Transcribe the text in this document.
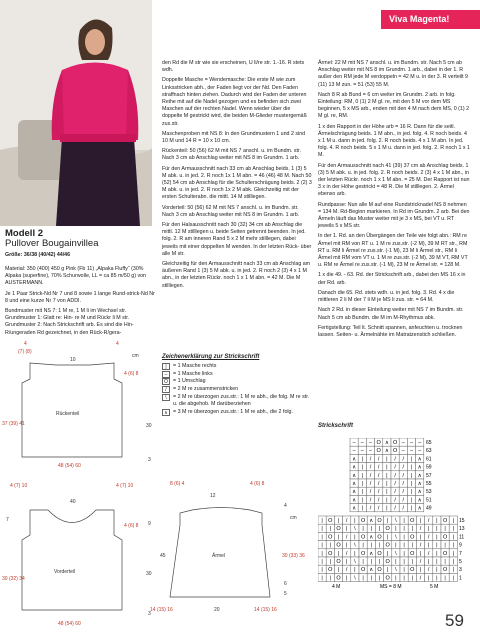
Modell 2
Pullover Bougainvillea
Größe: 36/38 (40/42) 44/46
Viva Magenta!

Material: 350 (400) 450 g Pink (Fb 11) „Alpaka Fluffy“ (30% Alpaka (superfine), 70% Schurwolle, LL = ca 85 m/50 g) von AUSTERMANN.

Je 1 Paar Strick-Nd Nr 7 und 8 sowie 1 lange Rund-strick-Nd Nr 8 und eine kurze Nr 7 von ADDI.

Bundmuster mit NS 7: 1 M re, 1 M li im Wechsel str.

Grundmuster 1: Glatt re: Hin- re M und Rückr li M str.

Grundmuster 2: Nach Strickschrift arb. Es sind die Hin-R/ungeraden Rd gezeichnet, in den Rück-R/gera-

den Rd die M str wie sie erscheinen, U li/re str. 1.-16. R stets wdh.

Doppelte Masche = Wendemasche: Die erste M wie zum Linksstricken abh., der Faden liegt vor der Nd. Den Faden straffnach hinten ziehen. Dadurch wird der Faden der unteren Reihe mit auf die Nadel gezogen und es befinden sich zwei Maschen auf der rechten Nadel. Wenn wieder über die doppelte M gestrickt wird, die beiden M-Glieder mustergemäß zus.str.

Maschenproben mit NS 8: In den Grundmustern 1 und 2 sind 10 M und 14 R = 10 x 10 cm.

Rückenteil: 50 (56) 62 M mit NS 7 anschl. u. im Bundm. str. Nach 3 cm ab Anschlag weiter mit NS 8 im Grundm. 1 arb.

Für den Armausschnitt nach 33 cm ab Anschlag beids. 1 (3) 5 M abk. u. in jed. 2. R noch 1x 1 M abn. = 46 (46) 48 M. Nach 50 (52) 54 cm ab Anschlag für die Schulterschrägung beids. 2 (2) 3 M abk. u. in jed. 2. R noch 1x 2 M abk. Gleichzeitig mit der ersten Schulterabn. die mittl. 14 M stilllegen.

Vorderteil: 50 (56) 62 M mit NS 7 anschl. u. im Bundm. str. Nach 3 cm ab Anschlag weiter mit NS 8 im Grundm. 1 arb.

Für den Halsausschnitt nach 30 (32) 34 cm ab Anschlag die mittl. 12 M stilllegen u. beide Seiten getrennt beenden. In jed. folg. 2. R am inneren Rand 5 x 2 M mehr stilllegen, dabei jeweils mit einer doppelten M wenden. In der letzten Rück- über alle M str.

Gleichzeitig für den Armausschnitt nach 33 cm ab Anschlag am äußeren Rand 1 (3) 5 M abk. u. in jed. 2. R noch 2 (3) 4 x 1 M abn., in der letzten Rückr. noch 1 x 1 M abn. = 42 M. Die M stilllegen.

Zeichenerklärung zur Strickschrift
|	= 1 Masche rechts
–	= 1 Masche links
O = 1 Umschlag
/	= 2 M re zusammenstricken
\	= 2 M re überzogen zus.str.: 1 M re abh., die folg. M re str. u. die abgehob. M darüberziehen
∧ = 3 M re überzogen zus.str.: 1 M re abh., die 2 folg.

Ärmel: 22 M mit NS 7 anschl. u. im Bundm. str. Nach 5 cm ab Anschlag weiter mit NS 8 im Grundm. 1 arb., dabei in der 1. R außer den RM jede M verdoppeln = 42 M u. in der 3. R verteilt 9 (11) 13 M zun. = 51 (53) 55 M.

Nach 8 R ab Bund = 6 cm weiter im Grundm. 2 arb. in folg. Einteilung: RM, 0 (1) 2 M gl. re, mit den 5 M vor dem MS beginnen, 5 x MS arb., enden mit den 4 M nach dem MS, 0 (1) 2 M gl. re, RM.

1 x den Rapport in der Höhe arb = 16 R. Dann für die seitl. Ärmelschrägung beids. 1 M abn., in jed. folg. 4. R noch beids. 4 x 1 M u. dann in jed. folg. 2. R noch beids. 4 x 1 M abn. In jed. folg. 4. R noch beids. 5 x 1 M u. dann in jed. folg. 2. R noch 1 x 1 M.

Für den Armausschnitt nach 41 (39) 37 cm ab Anschlag beids. 1 (3) 5 M abk. u. in jed. folg. 2. R noch beids. 2 (3) 4 x 1 M abn., in der letzten Rückr. noch 1 x 1 M abn. = 25 M. Der Rapport ist nun 3 x in der Höhe gestrickt = 48 R. Die M stilllegen. 2. Ärmel ebenso arb.

Rundpasse: Nun alle M auf eine Rundstricknadel NS 8 nehmen = 134 M. Rd-Beginn markieren. In Rd im Grundm. 2 arb. Bei den Ärmeln läuft das Muster weiter mit je 3 x MS, bei VT u. RT jeweils 5 x MS str.

In der 1. Rd. an den Übergängen der Teile wie folgt abn.: RM re Ärmel mit RM von RT u. 1 M re zus.str. (-2 M), 39 M RT str., RM RT u. RM li Ärmel re zus.str. (-1 M), 23 M li Ärmel str., RM li Ärmel mit RM vom VT u. 1 M re zus.str. (-2 M), 39 M VT, RM VT u. RM re Ärmel re zus.str. (-1 M), 23 M re Ärmel str. = 128 M.

1 x die 49. - 63. Rd. der Strickschrift arb., dabei den MS 16 x in der Rd. arb.

Danach die 65. Rd. stets wdh. u. in jed. folg. 3. Rd. 4 x die mittleren 2 li M der 7 li M je MS li zus. str. = 64 M.

Nach 2 Rd. in dieser Einteilung weiter mit NS 7 im Bundm. str. Nach 5 cm ab Bundm. die M im M-Rhythmus abk.

Fertigstellung: Teil lt. Schnitt spannen, anfeuchten u. trocknen lassen. Seiten- u. Ärmelnähte im Matratzenstich schließen.

Strickschrift
– – – O ∧ O – – – 65
– – – O ∧ O – – – 63
∧ | / / | / / | ∧ 61
∧ | / / | / / | ∧ 59
∧ | / / | / / | ∧ 57
∧ | / / | / / | ∧ 55
∧ | / / | / / | ∧ 53
∧ | / / | / / | ∧ 51
∧ | / / | / / | ∧ 49
| O | / | O ∧ O | \ | O | / | O | 15
| | O | \ | | | O | | | / | | | | 13
| O | / | O ∧ O | \ | O | / | O | 11
| | O | \ | | | O | | | / | | | | 9
| O | / | O ∧ O | \ | O | / | O | 7
| | O | \ | | | O | | | / | | | | 5
| O | / | O ∧ O | \ | O | / | O | 3
| | O | \ | | | O | | | / | | | | 1
4 M	MS = 8 M	5 M
Rückenteil
10
4	4
(7) (8)
37 (39) 41
4 (6) 8
30
3
48 (54) 60
cm
Vorderteil
40
4 (7) 10	4 (7) 10
4 (6) 8
30 (32) 34
7
30
3
9
48 (54) 60
Ärmel
12
8 (6) 4	4 (6) 8
30 (33) 36
45
6
5
4
14 (15) 16	20	14 (15) 16
cm
59
